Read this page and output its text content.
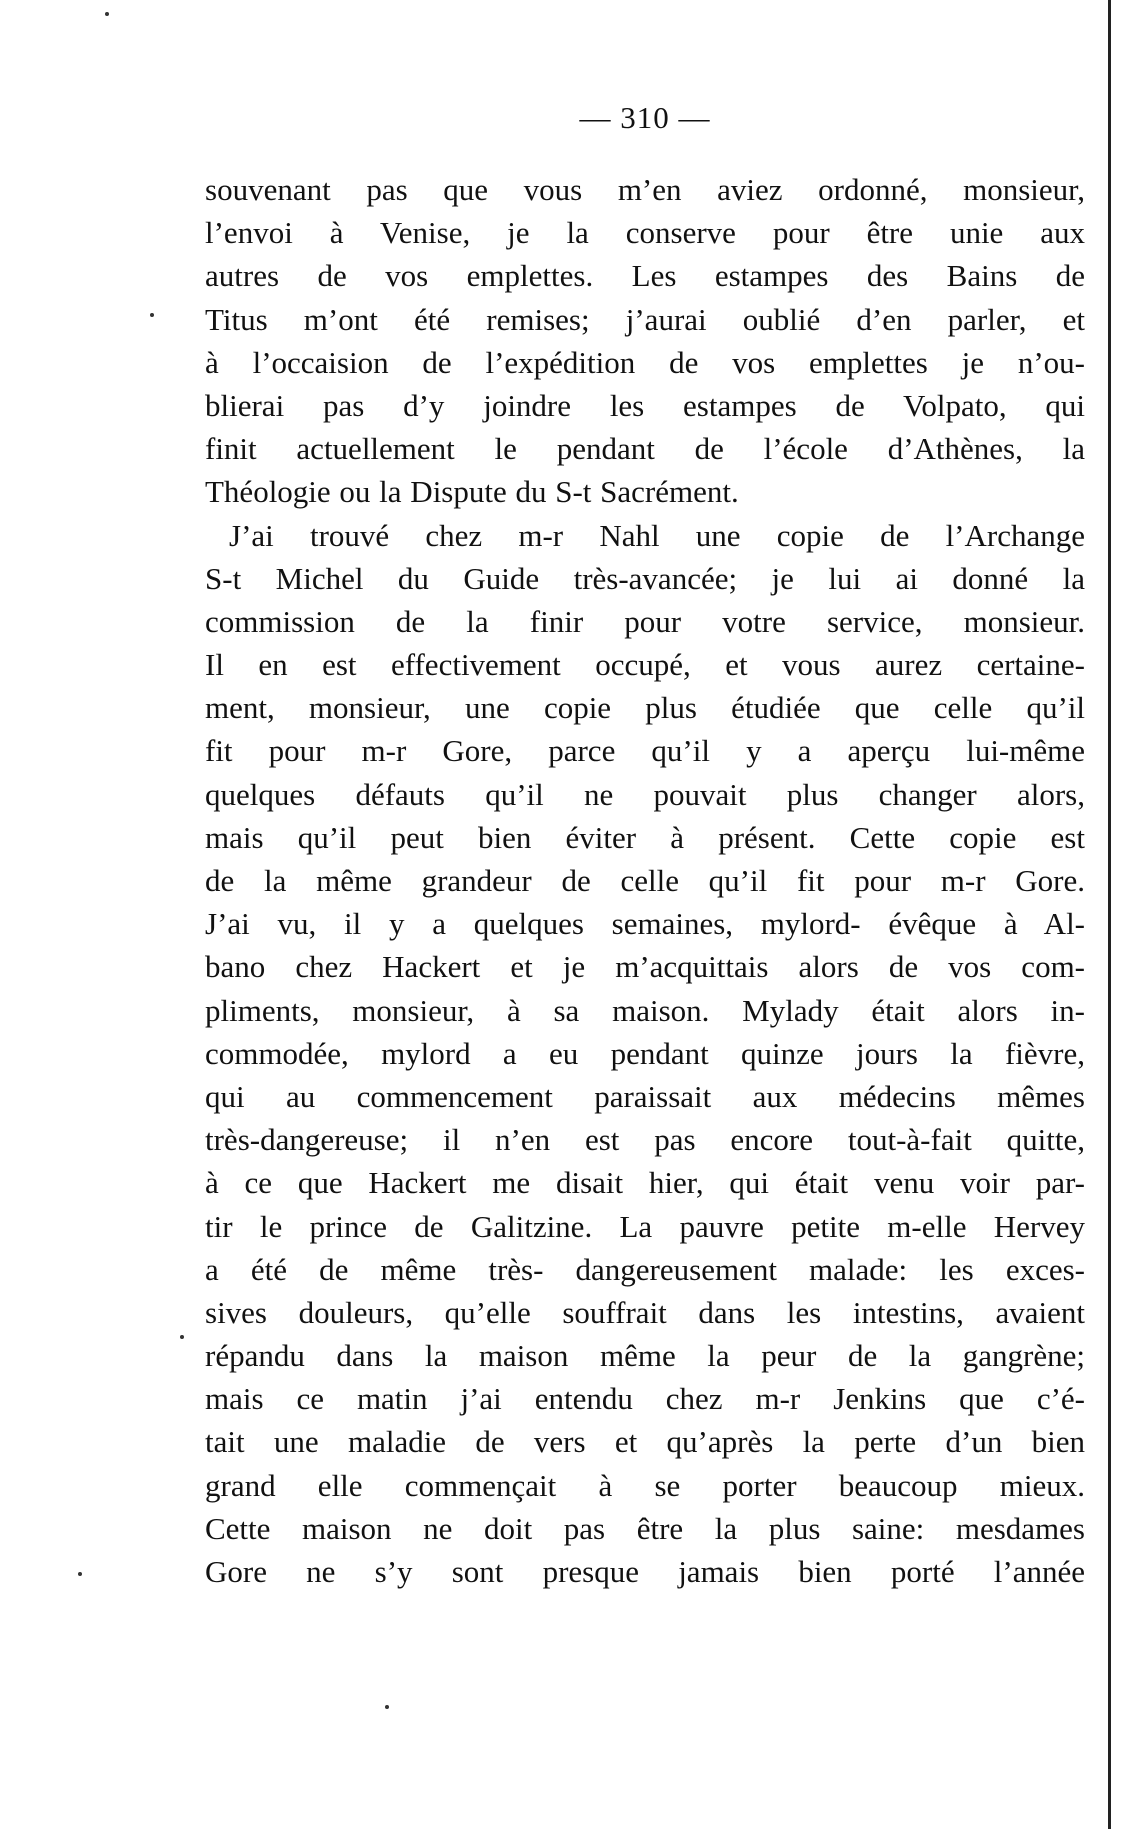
— 310 —
souvenant pas que vous m’en aviez ordonné, monsieur,
l’envoi à Venise, je la conserve pour être unie aux
autres de vos emplettes. Les estampes des Bains de
Titus m’ont été remises; j’aurai oublié d’en parler, et
à l’occaision de l’expédition de vos emplettes je n’ou-
blierai pas d’y joindre les estampes de Volpato, qui
finit actuellement le pendant de l’école d’Athènes, la
Théologie ou la Dispute du S-t Sacrément.
J’ai trouvé chez m-r Nahl une copie de l’Archange
S-t Michel du Guide très-avancée; je lui ai donné la
commission de la finir pour votre service, monsieur.
Il en est effectivement occupé, et vous aurez certaine-
ment, monsieur, une copie plus étudiée que celle qu’il
fit pour m-r Gore, parce qu’il y a aperçu lui-même
quelques défauts qu’il ne pouvait plus changer alors,
mais qu’il peut bien éviter à présent. Cette copie est
de la même grandeur de celle qu’il fit pour m-r Gore.
J’ai vu, il y a quelques semaines, mylord- évêque à Al-
bano chez Hackert et je m’acquittais alors de vos com-
pliments, monsieur, à sa maison. Mylady était alors in-
commodée, mylord a eu pendant quinze jours la fièvre,
qui au commencement paraissait aux médecins mêmes
très-dangereuse; il n’en est pas encore tout-à-fait quitte,
à ce que Hackert me disait hier, qui était venu voir par-
tir le prince de Galitzine. La pauvre petite m-elle Hervey
a été de même très- dangereusement malade: les exces-
sives douleurs, qu’elle souffrait dans les intestins, avaient
répandu dans la maison même la peur de la gangrène;
mais ce matin j’ai entendu chez m-r Jenkins que c’é-
tait une maladie de vers et qu’après la perte d’un bien
grand elle commençait à se porter beaucoup mieux.
Cette maison ne doit pas être la plus saine: mesdames
Gore ne s’y sont presque jamais bien porté l’année
